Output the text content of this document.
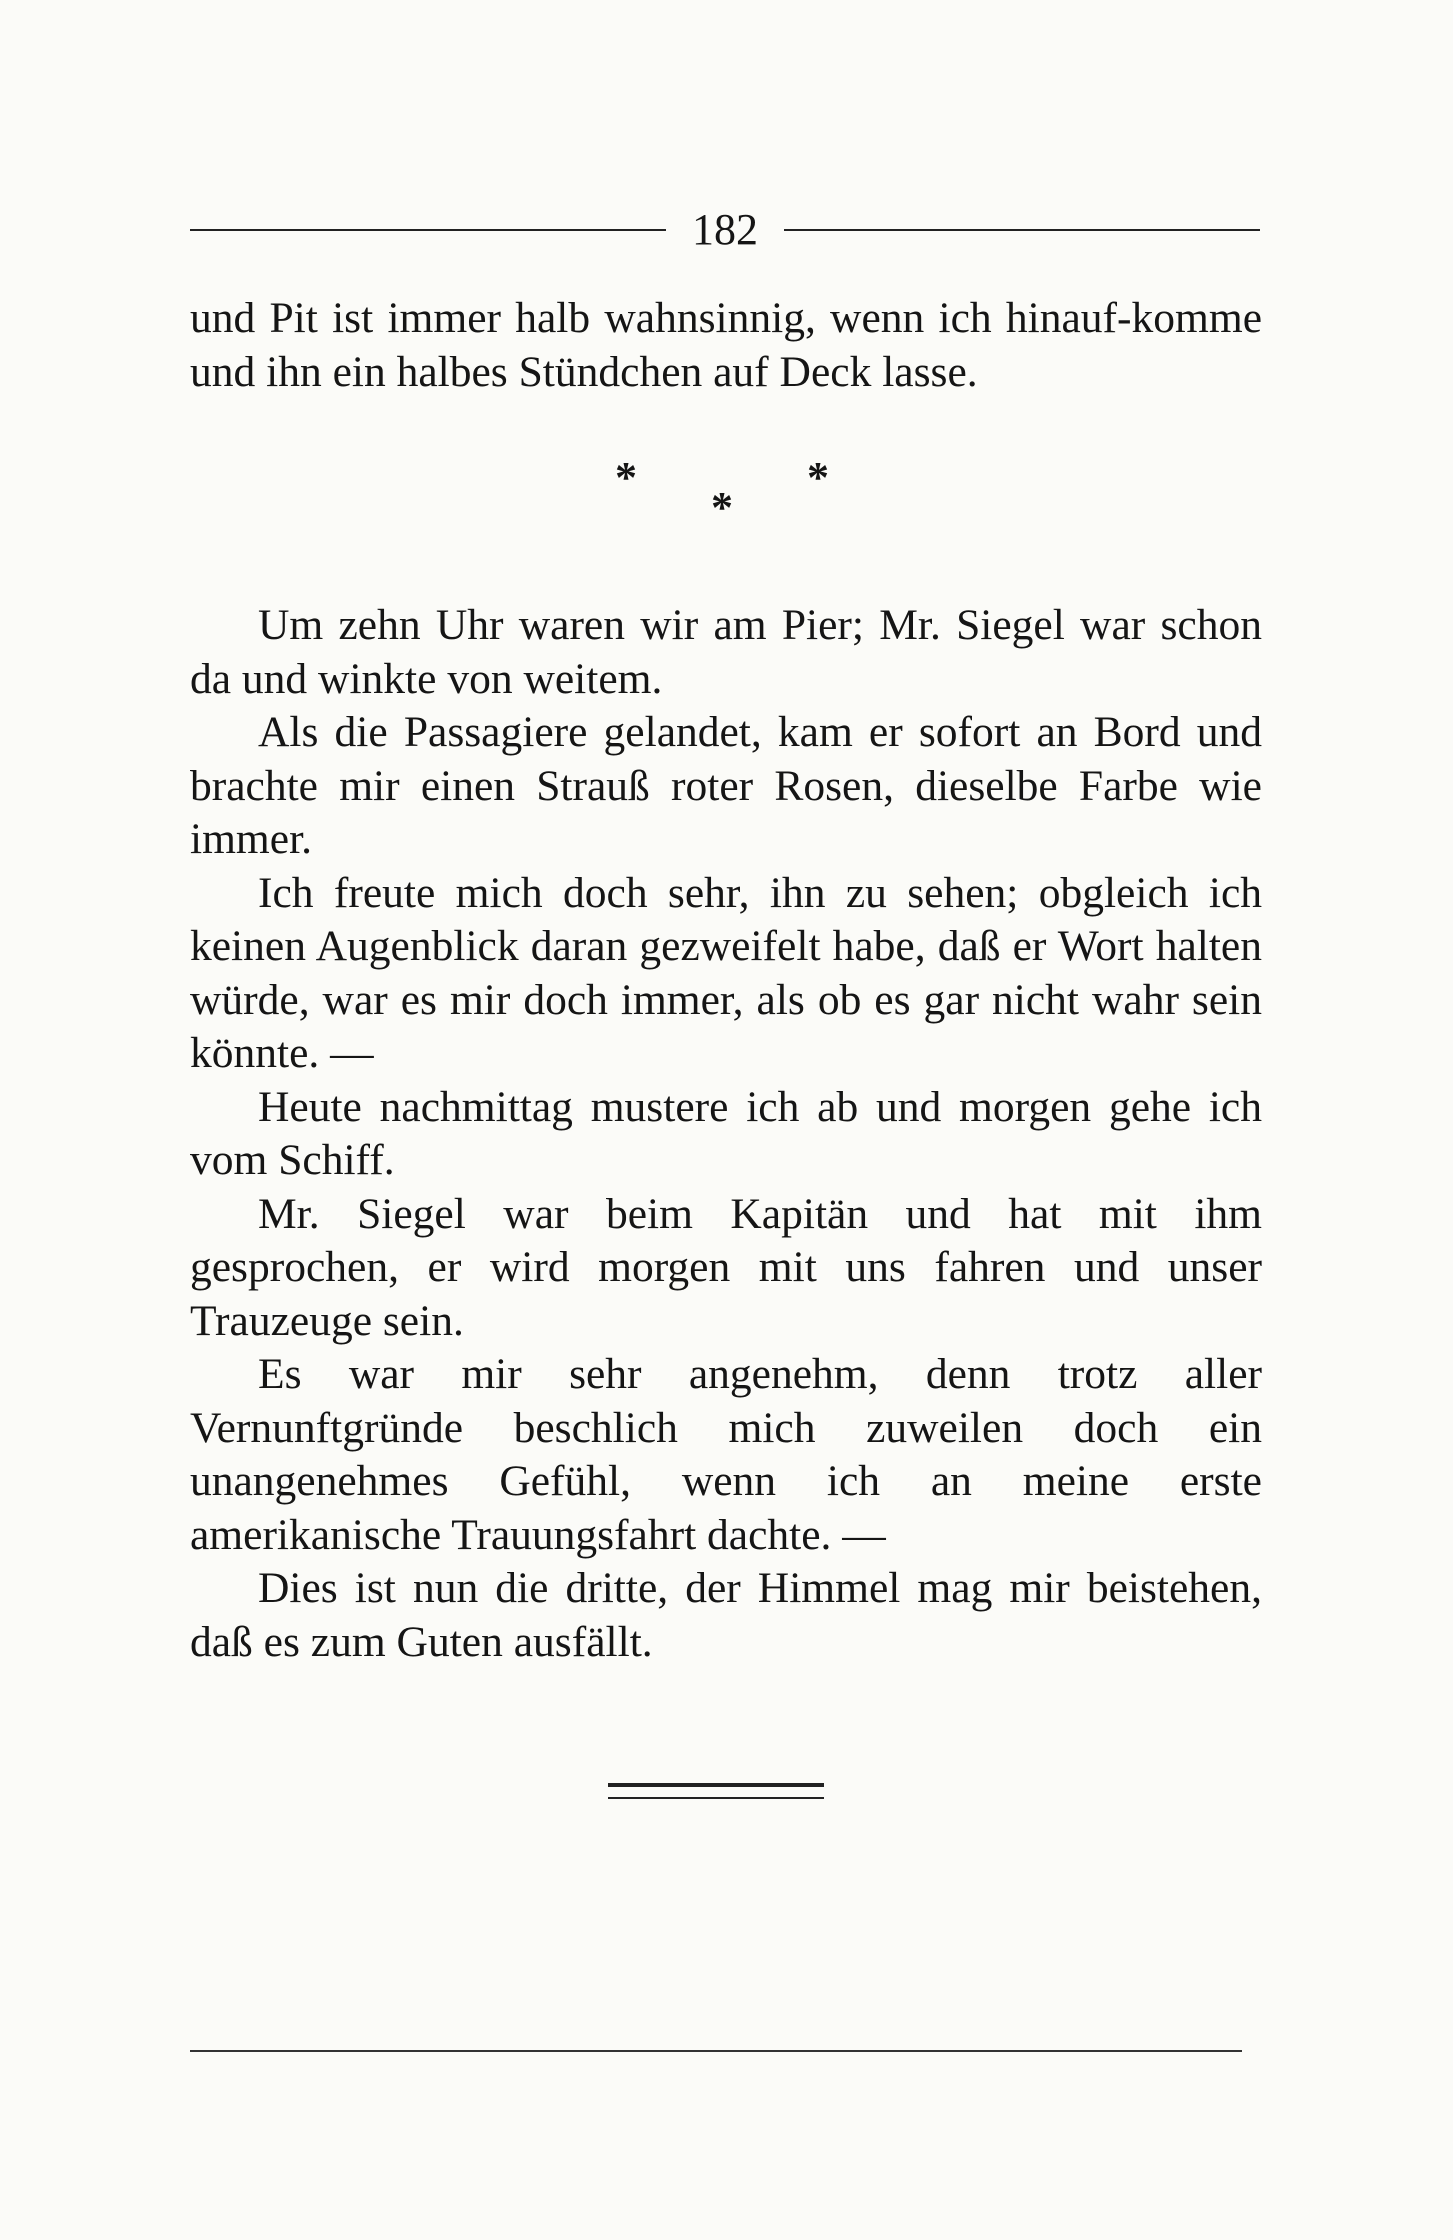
182

und Pit ist immer halb wahnsinnig, wenn ich hinauf-komme und ihn ein halbes Stündchen auf Deck lasse.

*	*
*

Um zehn Uhr waren wir am Pier; Mr. Siegel war schon da und winkte von weitem.

Als die Passagiere gelandet, kam er sofort an Bord und brachte mir einen Strauß roter Rosen, dieselbe Farbe wie immer.

Ich freute mich doch sehr, ihn zu sehen; obgleich ich keinen Augenblick daran gezweifelt habe, daß er Wort halten würde, war es mir doch immer, als ob es gar nicht wahr sein könnte. —

Heute nachmittag mustere ich ab und morgen gehe ich vom Schiff.

Mr. Siegel war beim Kapitän und hat mit ihm gesprochen, er wird morgen mit uns fahren und unser Trauzeuge sein.

Es war mir sehr angenehm, denn trotz aller Vernunftgründe beschlich mich zuweilen doch ein unangenehmes Gefühl, wenn ich an meine erste amerikanische Trauungsfahrt dachte. —

Dies ist nun die dritte, der Himmel mag mir beistehen, daß es zum Guten ausfällt.
